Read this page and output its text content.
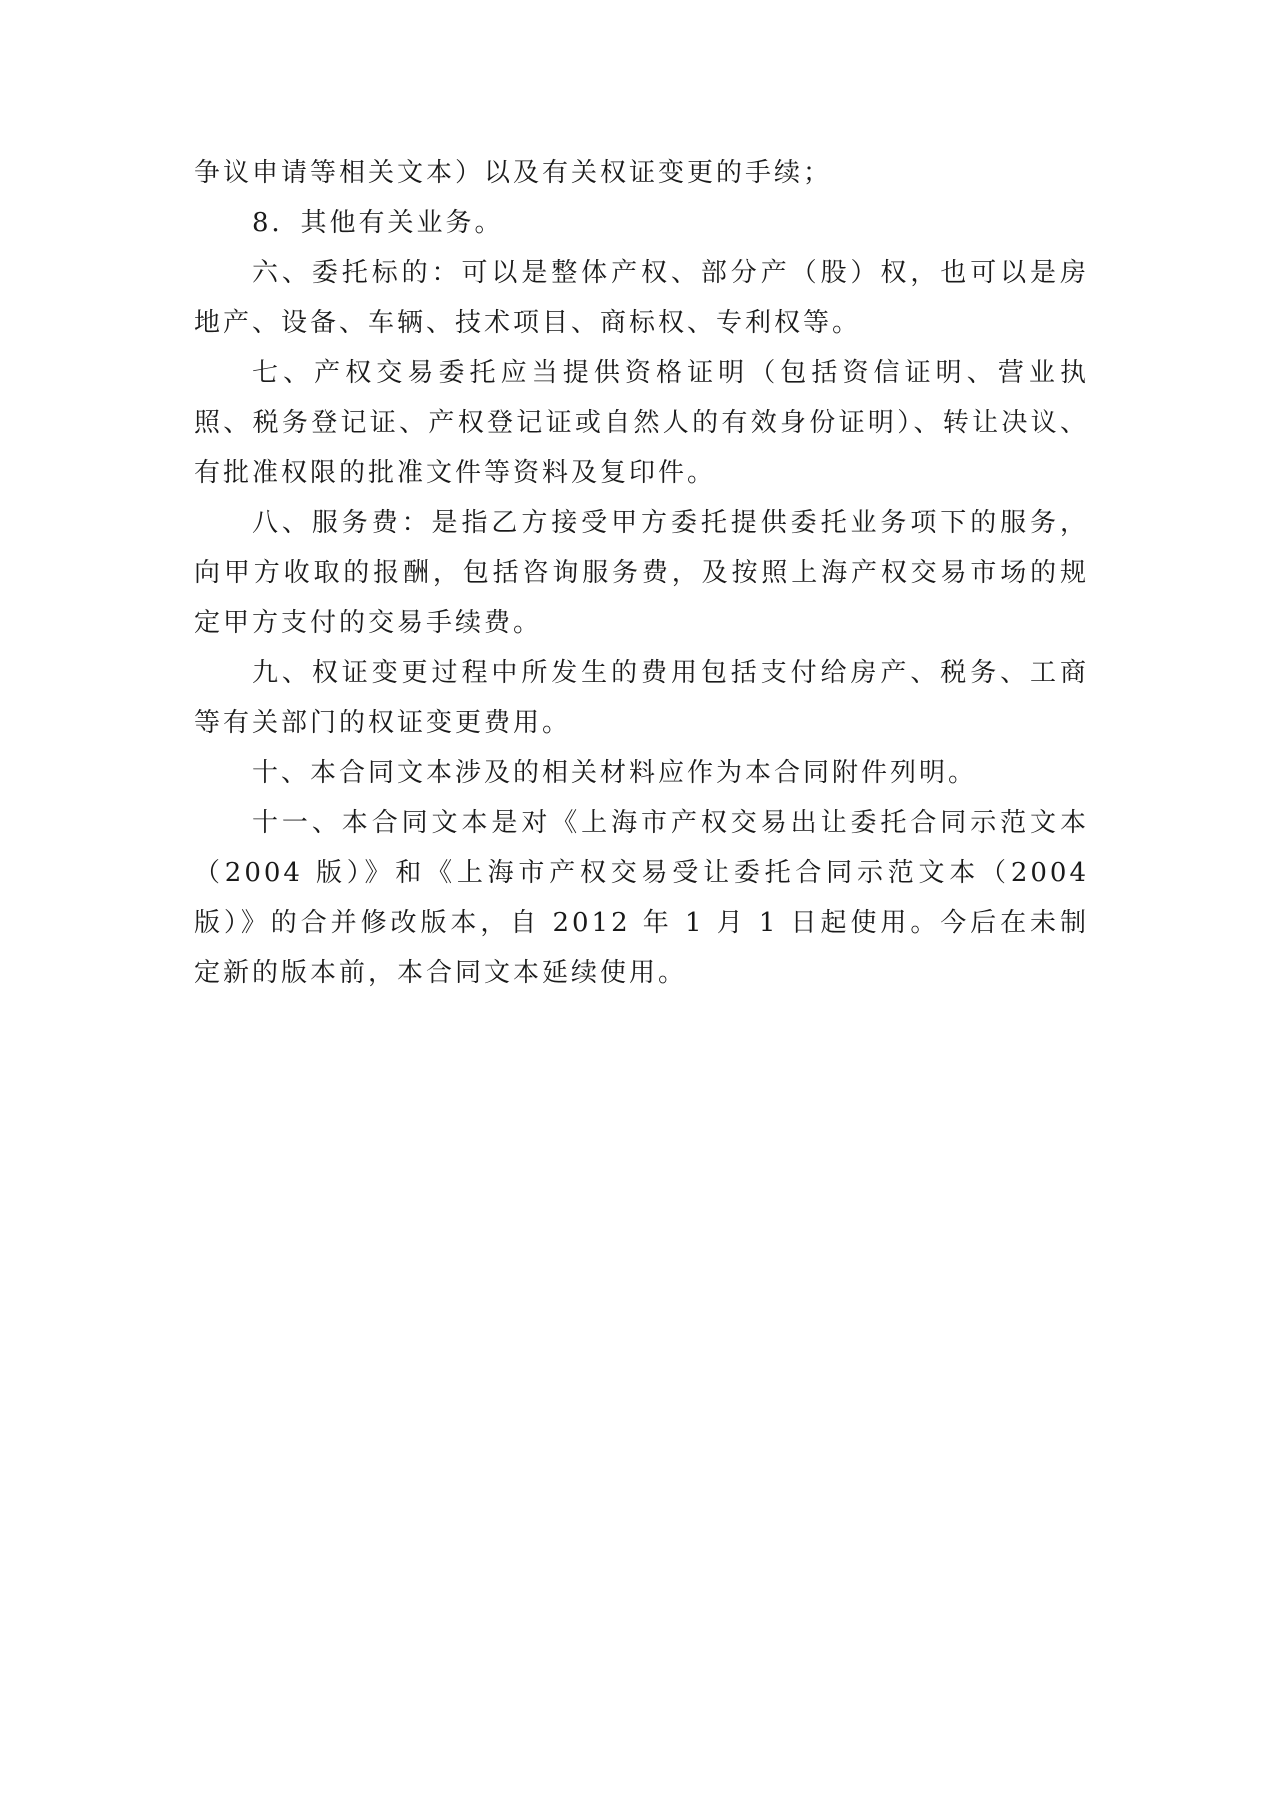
争议申请等相关文本）以及有关权证变更的手续；

8．其他有关业务。

六、委托标的：可以是整体产权、部分产（股）权，也可以是房地产、设备、车辆、技术项目、商标权、专利权等。

七、产权交易委托应当提供资格证明（包括资信证明、营业执照、税务登记证、产权登记证或自然人的有效身份证明）、转让决议、有批准权限的批准文件等资料及复印件。

八、服务费：是指乙方接受甲方委托提供委托业务项下的服务，向甲方收取的报酬，包括咨询服务费，及按照上海产权交易市场的规定甲方支付的交易手续费。

九、权证变更过程中所发生的费用包括支付给房产、税务、工商等有关部门的权证变更费用。

十、本合同文本涉及的相关材料应作为本合同附件列明。

十一、本合同文本是对《上海市产权交易出让委托合同示范文本（2004 版）》和《上海市产权交易受让委托合同示范文本（2004 版）》的合并修改版本，自 2012 年 1 月 1 日起使用。今后在未制定新的版本前，本合同文本延续使用。
